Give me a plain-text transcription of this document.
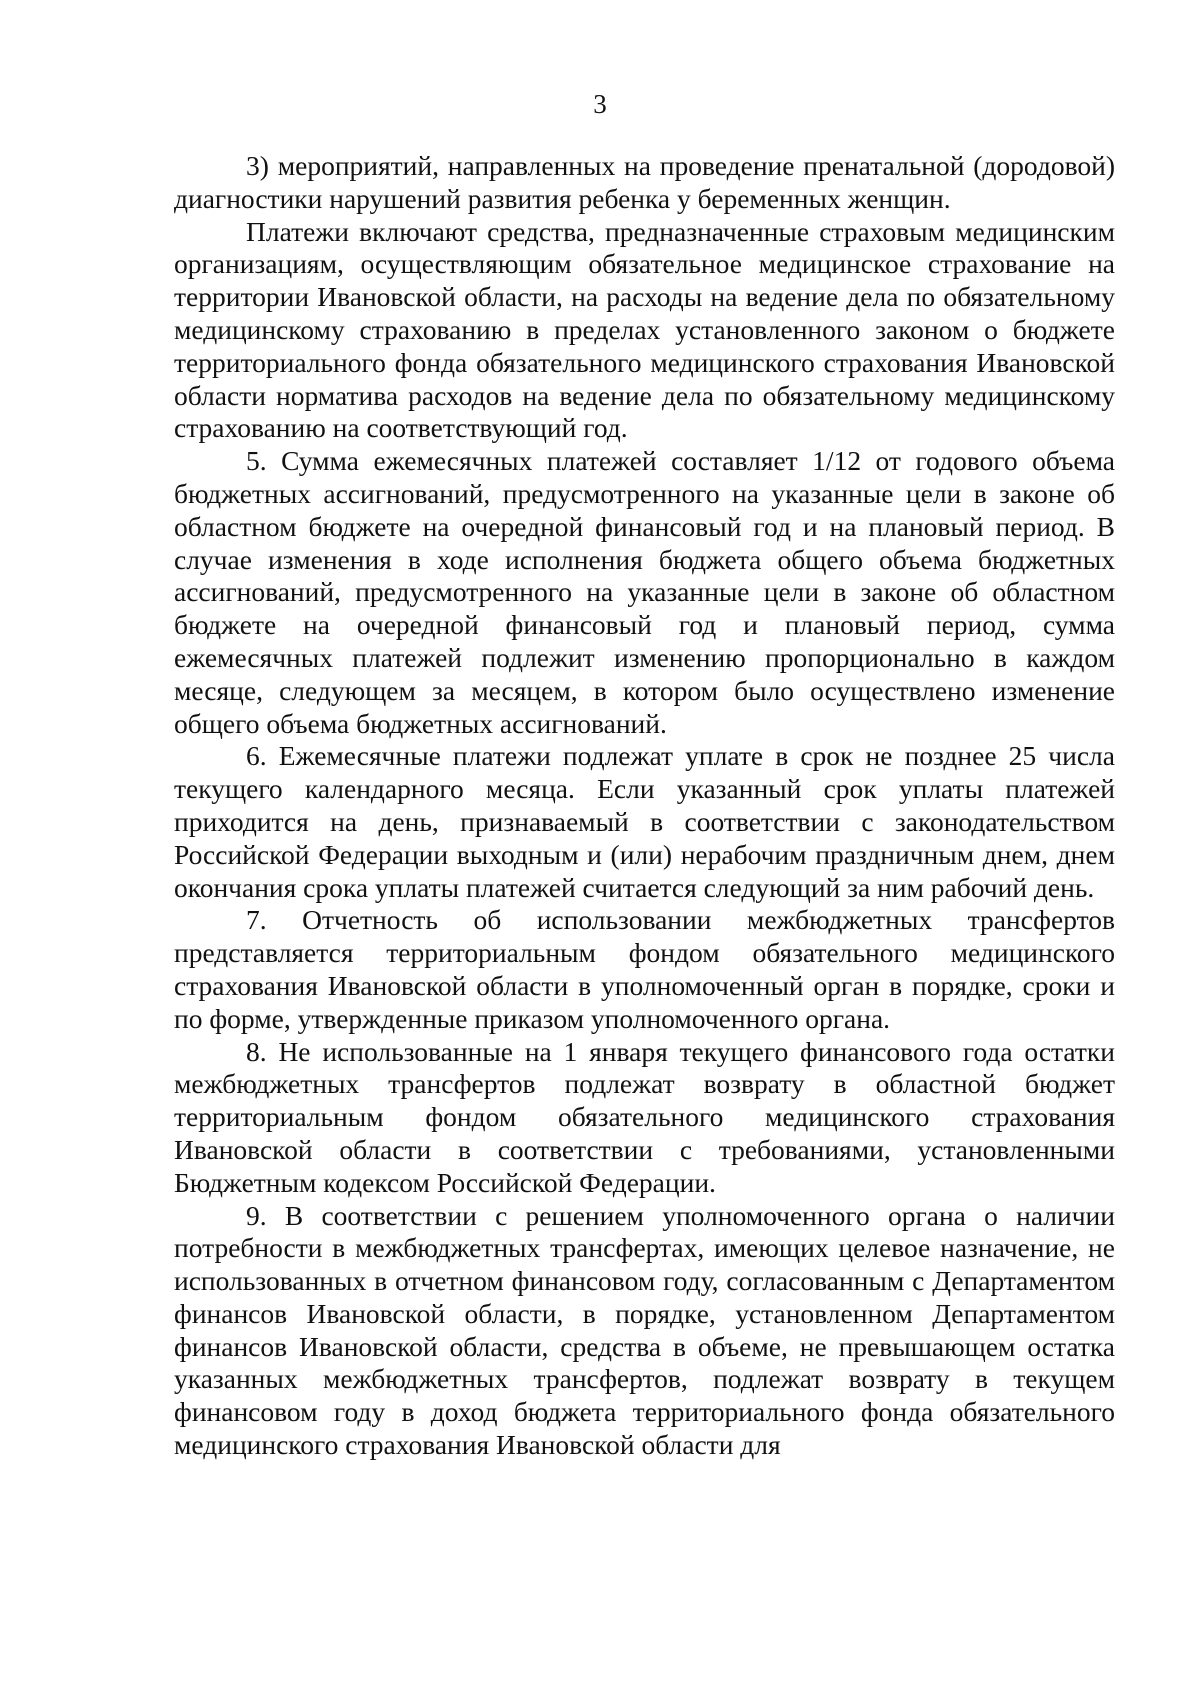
3

3) мероприятий, направленных на проведение пренатальной (дородовой) диагностики нарушений развития ребенка у беременных женщин.

Платежи включают средства, предназначенные страховым медицинским организациям, осуществляющим обязательное медицинское страхование на территории Ивановской области, на расходы на ведение дела по обязательному медицинскому страхованию в пределах установленного законом о бюджете территориального фонда обязательного медицинского страхования Ивановской области норматива расходов на ведение дела по обязательному медицинскому страхованию на соответствующий год.

5. Сумма ежемесячных платежей составляет 1/12 от годового объема бюджетных ассигнований, предусмотренного на указанные цели в законе об областном бюджете на очередной финансовый год и на плановый период. В случае изменения в ходе исполнения бюджета общего объема бюджетных ассигнований, предусмотренного на указанные цели в законе об областном бюджете на очередной финансовый год и плановый период, сумма ежемесячных платежей подлежит изменению пропорционально в каждом месяце, следующем за месяцем, в котором было осуществлено изменение общего объема бюджетных ассигнований.

6. Ежемесячные платежи подлежат уплате в срок не позднее 25 числа текущего календарного месяца. Если указанный срок уплаты платежей приходится на день, признаваемый в соответствии с законодательством Российской Федерации выходным и (или) нерабочим праздничным днем, днем окончания срока уплаты платежей считается следующий за ним рабочий день.

7. Отчетность об использовании межбюджетных трансфертов представляется территориальным фондом обязательного медицинского страхования Ивановской области в уполномоченный орган в порядке, сроки и по форме, утвержденные приказом уполномоченного органа.

8. Не использованные на 1 января текущего финансового года остатки межбюджетных трансфертов подлежат возврату в областной бюджет территориальным фондом обязательного медицинского страхования Ивановской области в соответствии с требованиями, установленными Бюджетным кодексом Российской Федерации.

9. В соответствии с решением уполномоченного органа о наличии потребности в межбюджетных трансфертах, имеющих целевое назначение, не использованных в отчетном финансовом году, согласованным с Департаментом финансов Ивановской области, в порядке, установленном Департаментом финансов Ивановской области, средства в объеме, не превышающем остатка указанных межбюджетных трансфертов, подлежат возврату в текущем финансовом году в доход бюджета территориального фонда обязательного медицинского страхования Ивановской области для
